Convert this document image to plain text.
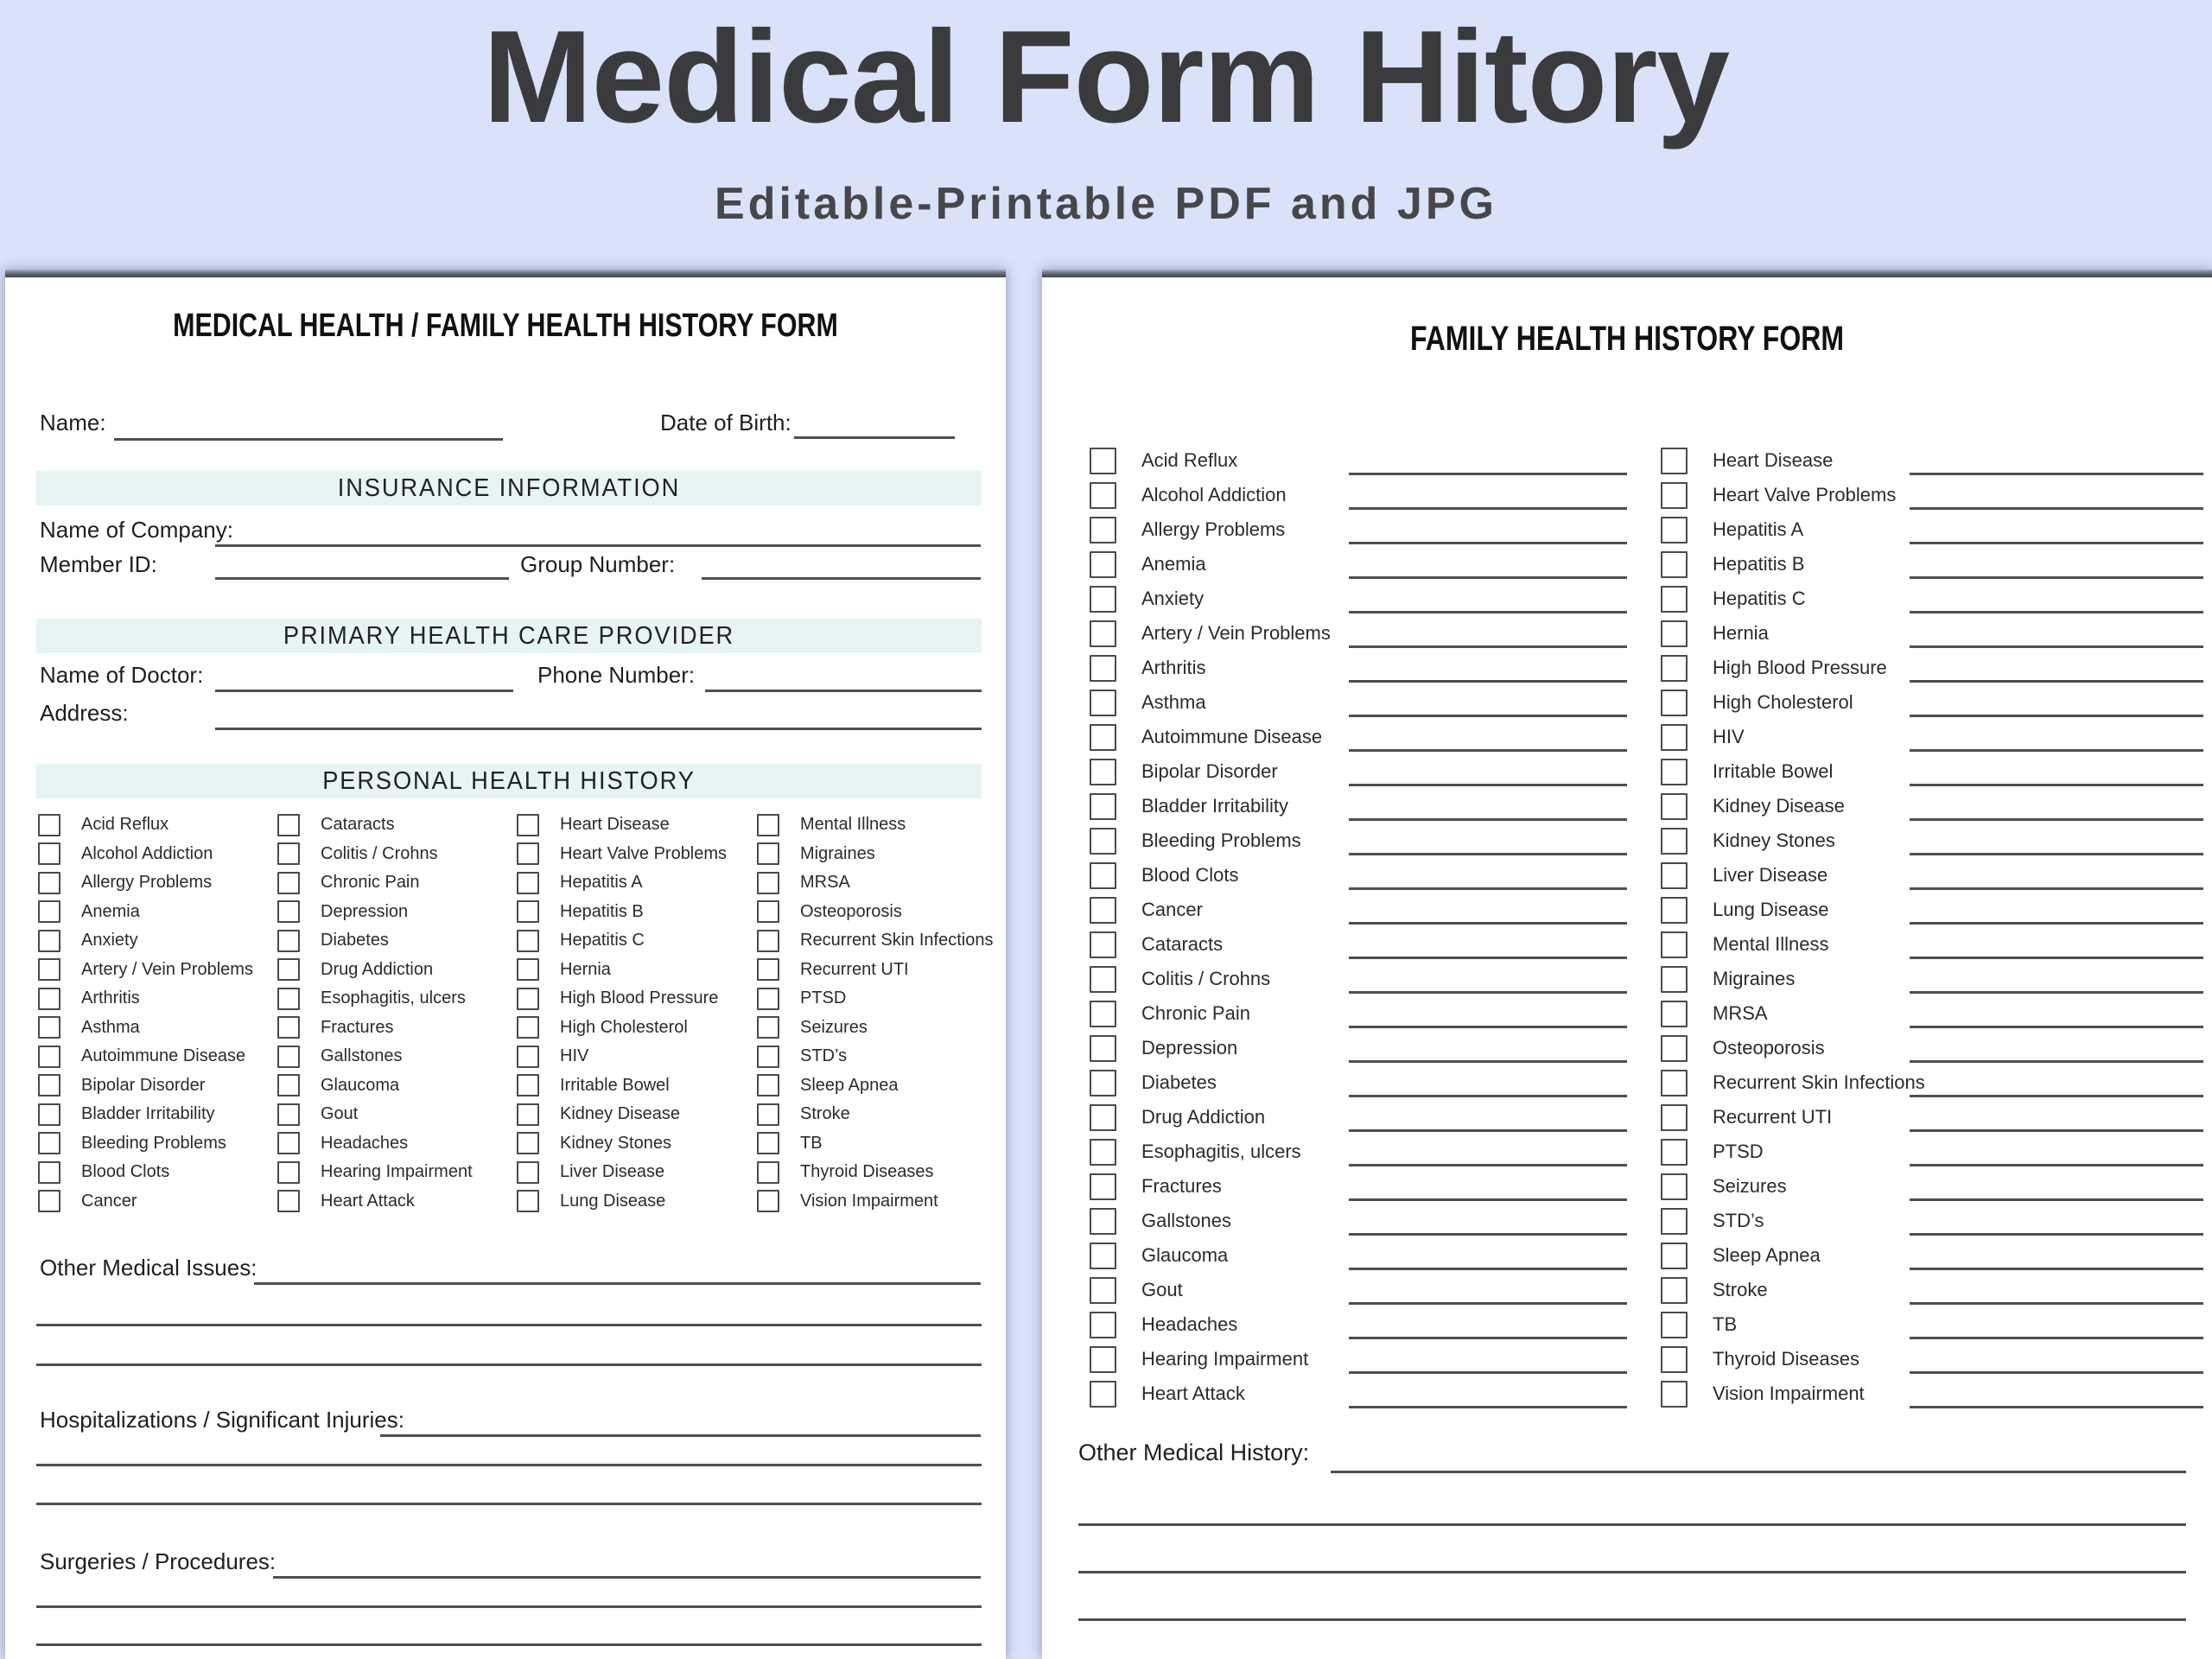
Medical Form Hitory
Editable-Printable PDF and JPG
MEDICAL HEALTH / FAMILY HEALTH HISTORY FORM
Name:	Date of Birth:
INSURANCE INFORMATION
Name of Company:
Member ID:	Group Number:
PRIMARY HEALTH CARE PROVIDER
Name of Doctor:	Phone Number:
Address:
PERSONAL HEALTH HISTORY
Acid Reflux
Alcohol Addiction
Allergy Problems
Anemia
Anxiety
Artery / Vein Problems
Arthritis
Asthma
Autoimmune Disease
Bipolar Disorder
Bladder Irritability
Bleeding Problems
Blood Clots
Cancer
Cataracts
Colitis / Crohns
Chronic Pain
Depression
Diabetes
Drug Addiction
Esophagitis, ulcers
Fractures
Gallstones
Glaucoma
Gout
Headaches
Hearing Impairment
Heart Attack
Heart Disease
Heart Valve Problems
Hepatitis A
Hepatitis B
Hepatitis C
Hernia
High Blood Pressure
High Cholesterol
HIV
Irritable Bowel
Kidney Disease
Kidney Stones
Liver Disease
Lung Disease
Mental Illness
Migraines
MRSA
Osteoporosis
Recurrent Skin Infections
Recurrent UTI
PTSD
Seizures
STD’s
Sleep Apnea
Stroke
TB
Thyroid Diseases
Vision Impairment
Other Medical Issues:
Hospitalizations / Significant Injuries:
Surgeries / Procedures:
FAMILY HEALTH HISTORY FORM
Acid Reflux
Alcohol Addiction
Allergy Problems
Anemia
Anxiety
Artery / Vein Problems
Arthritis
Asthma
Autoimmune Disease
Bipolar Disorder
Bladder Irritability
Bleeding Problems
Blood Clots
Cancer
Cataracts
Colitis / Crohns
Chronic Pain
Depression
Diabetes
Drug Addiction
Esophagitis, ulcers
Fractures
Gallstones
Glaucoma
Gout
Headaches
Hearing Impairment
Heart Attack
Heart Disease
Heart Valve Problems
Hepatitis A
Hepatitis B
Hepatitis C
Hernia
High Blood Pressure
High Cholesterol
HIV
Irritable Bowel
Kidney Disease
Kidney Stones
Liver Disease
Lung Disease
Mental Illness
Migraines
MRSA
Osteoporosis
Recurrent Skin Infections
Recurrent UTI
PTSD
Seizures
STD’s
Sleep Apnea
Stroke
TB
Thyroid Diseases
Vision Impairment
Other Medical History:
